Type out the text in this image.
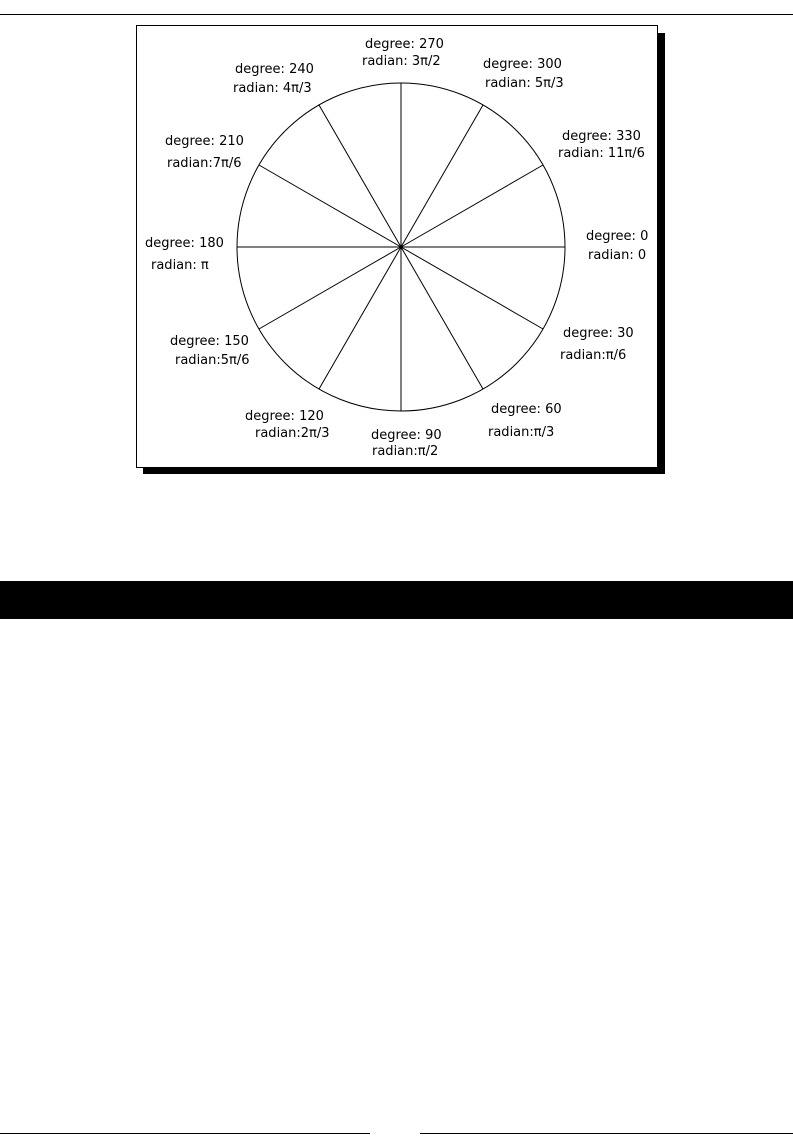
degree: 270
radian: 3π/2	degree: 300
radian: 5π/3
degree: 330
radian: 11π/6
degree: 0
radian: 0
degree: 30
radian:π/6
degree: 60
radian:π/3
degree: 90
radian:π/2
degree: 120
radian:2π/3
degree: 150
radian:5π/6
degree: 180
radian: π
degree: 210
radian:7π/6
degree: 240
radian: 4π/3
